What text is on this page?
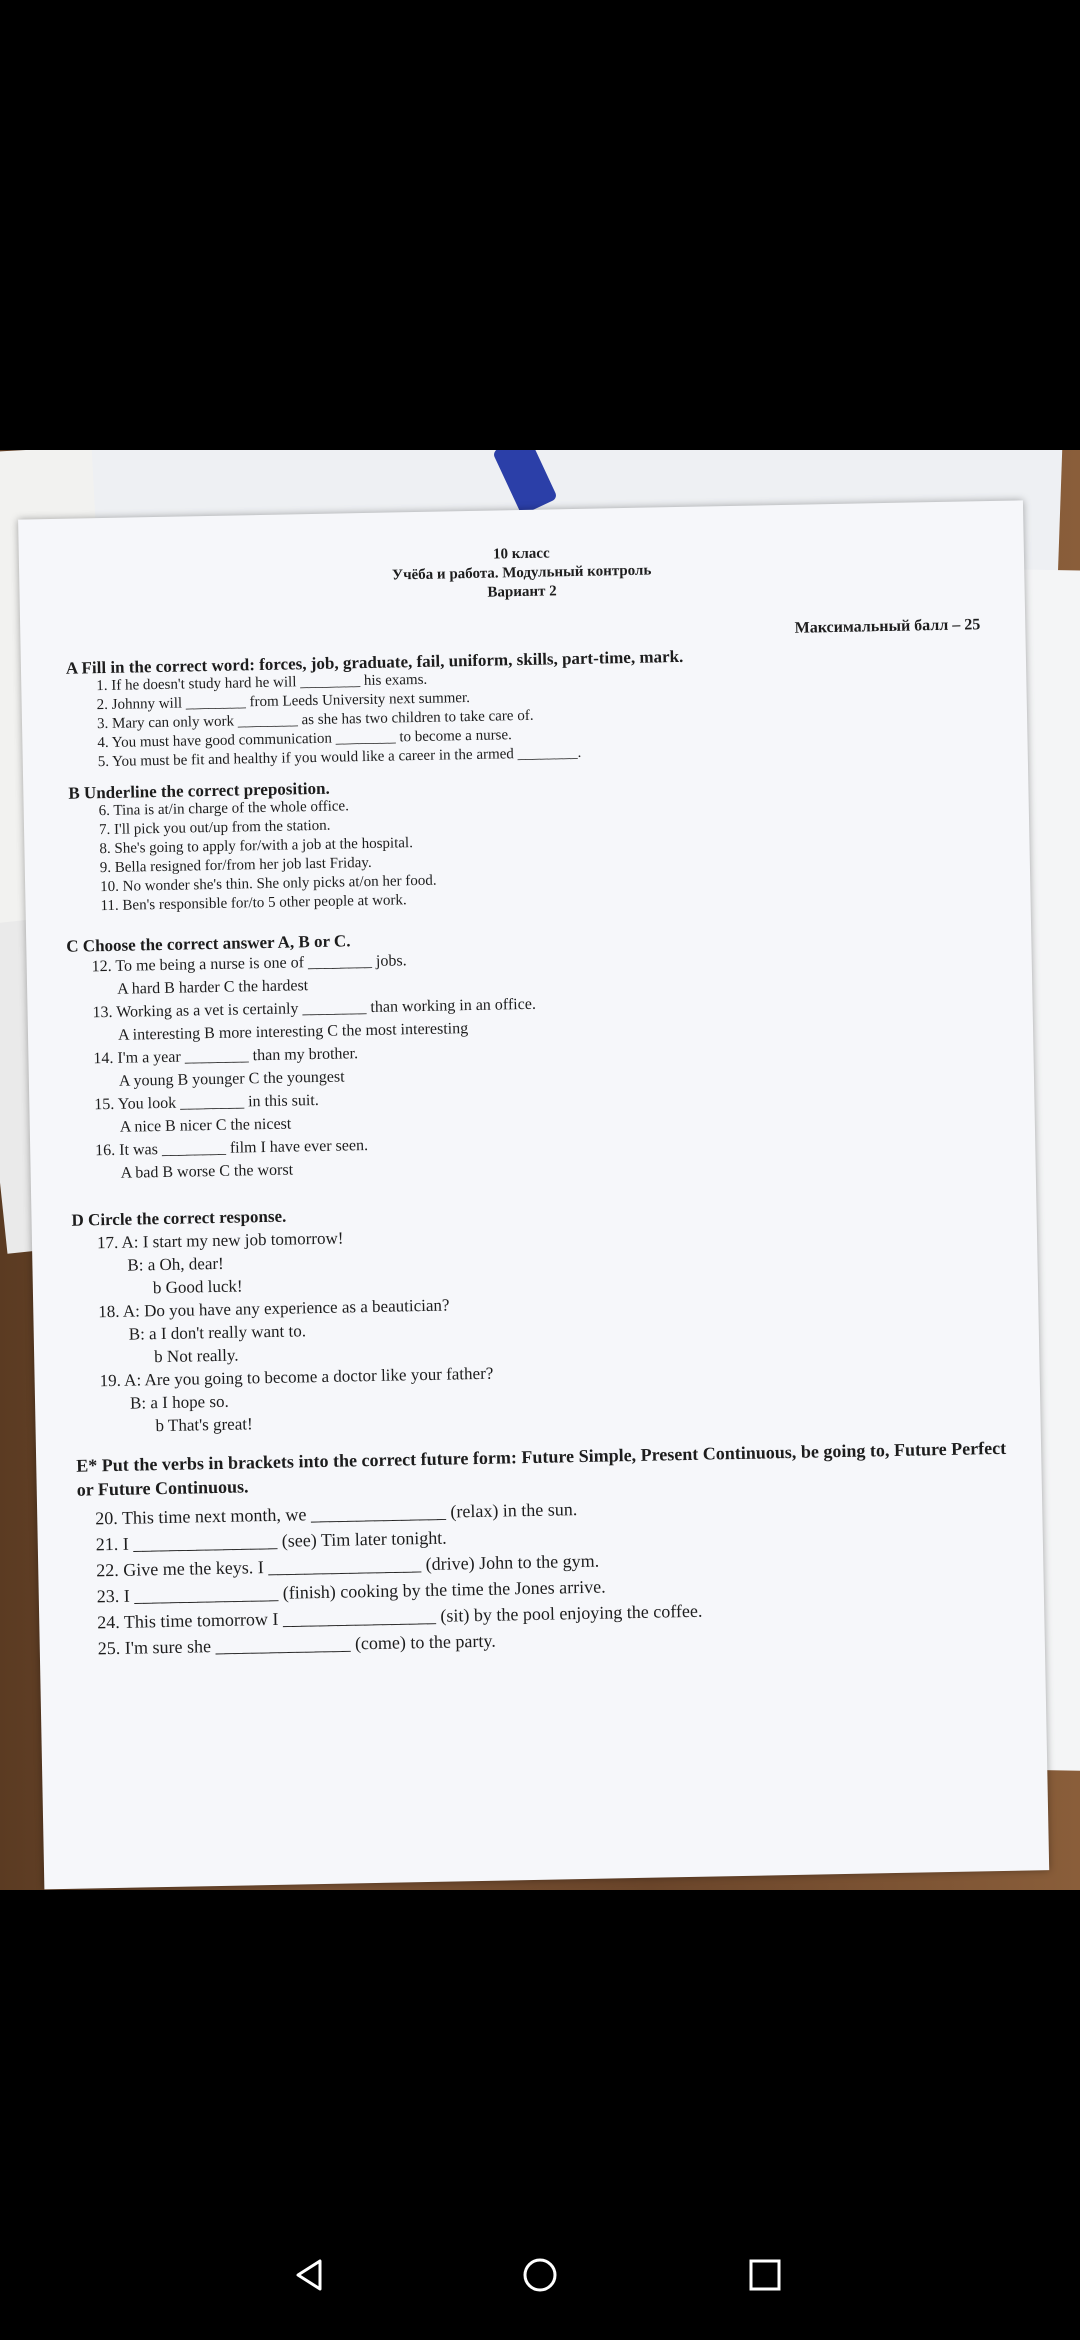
10 класс
Учёба и работа. Модульный контроль
Вариант 2
Максимальный балл – 25
A Fill in the correct word: forces, job, graduate, fail, uniform, skills, part-time, mark.
1. If he doesn't study hard he will ________ his exams.
2. Johnny will ________ from Leeds University next summer.
3. Mary can only work ________ as she has two children to take care of.
4. You must have good communication ________ to become a nurse.
5. You must be fit and healthy if you would like a career in the armed ________.
B Underline the correct preposition.
6. Tina is at/in charge of the whole office.
7. I'll pick you out/up from the station.
8. She's going to apply for/with a job at the hospital.
9. Bella resigned for/from her job last Friday.
10. No wonder she's thin. She only picks at/on her food.
11. Ben's responsible for/to 5 other people at work.
C Choose the correct answer A, B or C.
12. To me being a nurse is one of ________ jobs.
A hard B harder C the hardest
13. Working as a vet is certainly ________ than working in an office.
A interesting B more interesting C the most interesting
14. I'm a year ________ than my brother.
A young B younger C the youngest
15. You look ________ in this suit.
A nice B nicer C the nicest
16. It was ________ film I have ever seen.
A bad B worse C the worst
D Circle the correct response.
17. A: I start my new job tomorrow!
B: a Oh, dear!
b Good luck!
18. A: Do you have any experience as a beautician?
B: a I don't really want to.
b Not really.
19. A: Are you going to become a doctor like your father?
B: a I hope so.
b That's great!
E* Put the verbs in brackets into the correct future form: Future Simple, Present Continuous, be going to, Future Perfect or Future Continuous.
20. This time next month, we _______________ (relax) in the sun.
21. I ________________ (see) Tim later tonight.
22. Give me the keys. I _________________ (drive) John to the gym.
23. I ________________ (finish) cooking by the time the Jones arrive.
24. This time tomorrow I _________________ (sit) by the pool enjoying the coffee.
25. I'm sure she _______________ (come) to the party.
